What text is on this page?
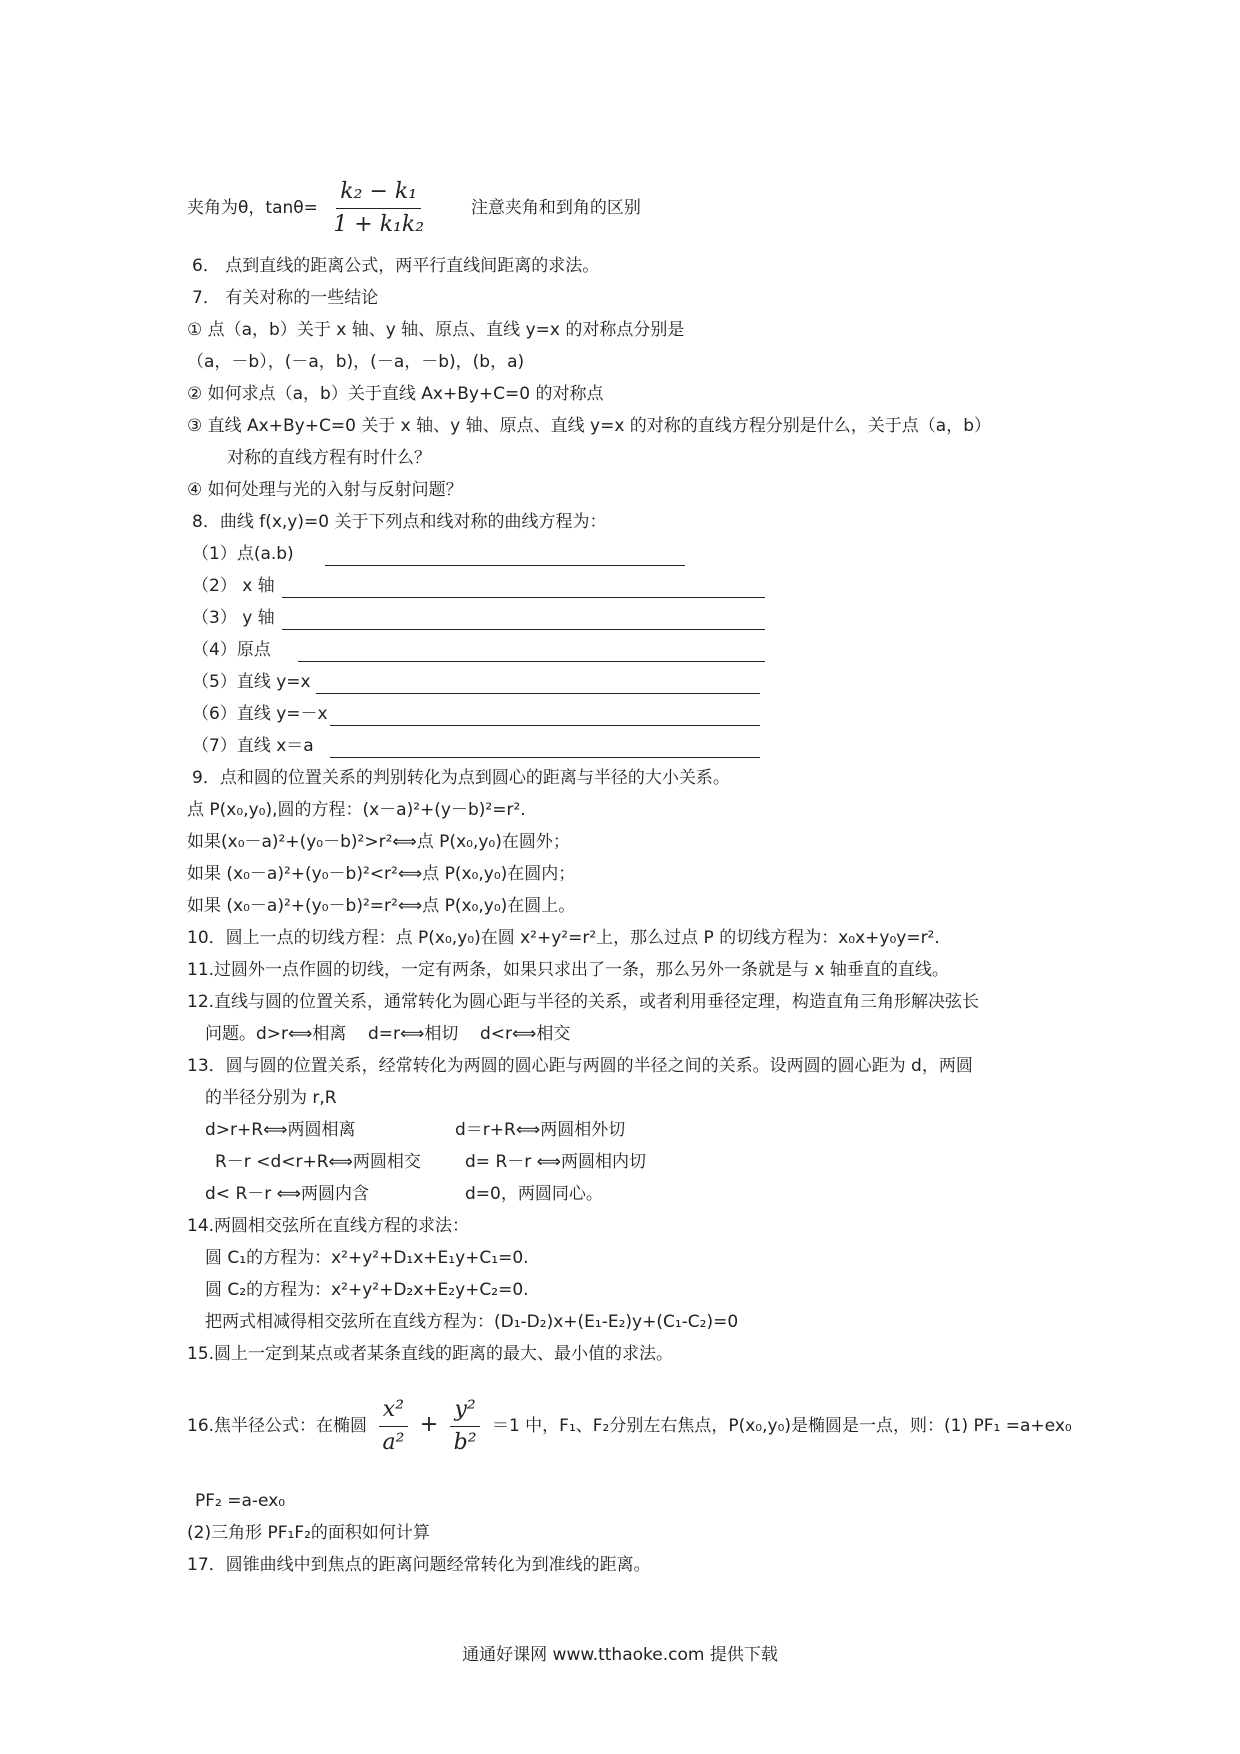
夹角为θ，$\tan\theta= \frac{\text{k₂ − k₁}}{\text{1 + k₁k₂}}$	注意夹角和到角的区别
6． 点到直线的距离公式，两平行直线间距离的求法。
7． 有关对称的一些结论
① 点（a，b）关于 x 轴、y 轴、原点、直线 y=x 的对称点分别是
（a，－b），(－a，b)，(－a，－b)，(b，a)
② 如何求点（a，b）关于直线 Ax+By+C=0 的对称点
③ 直线 Ax+By+C=0 关于 x 轴、y 轴、原点、直线 y=x 的对称的直线方程分别是什么，关于点（a，b）
对称的直线方程有时什么？
④ 如何处理与光的入射与反射问题？
8．曲线 f(x,y)=0 关于下列点和线对称的曲线方程为：
（1）点(a.b)
（2） x 轴
（3） y 轴
（4）原点
（5）直线 y=x
（6）直线 y=－x
（7）直线 x＝a
9．点和圆的位置关系的判别转化为点到圆心的距离与半径的大小关系。
点 P(x₀,y₀),圆的方程：(x－a)²+(y－b)²=r².
如果(x₀－a)²+(y₀－b)²>r²⟺点 P(x₀,y₀)在圆外；
如果 (x₀－a)²+(y₀－b)²<r²⟺点 P(x₀,y₀)在圆内；
如果 (x₀－a)²+(y₀－b)²=r²⟺点 P(x₀,y₀)在圆上。
10．圆上一点的切线方程：点 P(x₀,y₀)在圆 x²+y²=r²上，那么过点 P 的切线方程为：x₀x+y₀y=r².
11.过圆外一点作圆的切线，一定有两条，如果只求出了一条，那么另外一条就是与 x 轴垂直的直线。
12.直线与圆的位置关系，通常转化为圆心距与半径的关系，或者利用垂径定理，构造直角三角形解决弦长
问题。d>r⟺相离    d=r⟺相切    d<r⟺相交
13．圆与圆的位置关系，经常转化为两圆的圆心距与两圆的半径之间的关系。设两圆的圆心距为 d，两圆
的半径分别为 r,R
d>r+R⟺两圆相离	d＝r+R⟺两圆相外切
R－r <d<r+R⟺两圆相交	d= R－r ⟺两圆相内切
d< R－r ⟺两圆内含	d=0，两圆同心。
14.两圆相交弦所在直线方程的求法：
圆 C₁的方程为：x²+y²+D₁x+E₁y+C₁=0.
圆 C₂的方程为：x²+y²+D₂x+E₂y+C₂=0.
把两式相减得相交弦所在直线方程为：(D₁-D₂)x+(E₁-E₂)y+(C₁-C₂)=0
15.圆上一定到某点或者某条直线的距离的最大、最小值的求法。
16.焦半径公式：在椭圆 $\frac{\text{x²}}{\text{a²}} + \frac{\text{y²}}{\text{b²}} =1$ 中，F₁、F₂分别左右焦点，P(x₀,y₀)是椭圆是一点，则：(1) PF₁ =a+ex₀
PF₂ =a-ex₀
(2)三角形 PF₁F₂的面积如何计算
17．圆锥曲线中到焦点的距离问题经常转化为到准线的距离。
通通好课网 www.tthaoke.com 提供下载
